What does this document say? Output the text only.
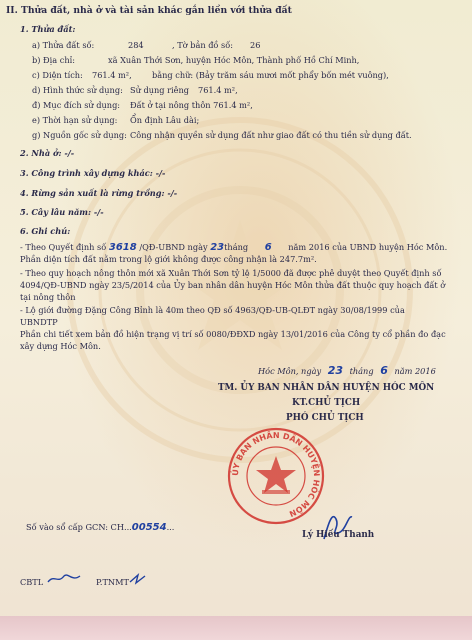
II. Thửa đất, nhà ở và tài sản khác gắn liền với thửa đất
1. Thửa đất:
a) Thửa đất số:	284	, Tờ bản đồ số: 26
b) Địa chỉ:	xã Xuân Thới Sơn, huyện Hóc Môn, Thành phố Hồ Chí Minh,
c) Diện tích: 761.4 m², bằng chữ: (Bảy trăm sáu mươi mốt phẩy bốn mét vuông),
d) Hình thức sử dụng: Sử dụng riêng 761.4 m²,
đ) Mục đích sử dụng: Đất ở tại nông thôn 761.4 m²,
e) Thời hạn sử dụng: Ổn định Lâu dài;
g) Nguồn gốc sử dụng: Công nhận quyền sử dụng đất như giao đất có thu tiền sử dụng đất.
2. Nhà ở: -/-
3. Công trình xây dựng khác: -/-
4. Rừng sản xuất là rừng trồng: -/-
5. Cây lâu năm: -/-
6. Ghi chú:
- Theo Quyết định số 3618 /QĐ-UBND ngày 23tháng 6 năm 2016 của UBND huyện Hóc Môn.
Phần diện tích đất nằm trong lộ giới không được công nhận là 247.7m².
- Theo quy hoạch nông thôn mới xã Xuân Thới Sơn tỷ lệ 1/5000 đã được phê duyệt theo Quyết định số
4094/QĐ-UBND ngày 23/5/2014 của Ủy ban nhân dân huyện Hóc Môn thửa đất thuộc quy hoạch đất ở
tại nông thôn
- Lộ giới đường Đặng Công Bỉnh là 40m theo QĐ số 4963/QĐ-UB-QLĐT ngày 30/08/1999 của
UBNDTP
Phần chi tiết xem bản đồ hiện trạng vị trí số 0080/ĐĐXD ngày 13/01/2016 của Công ty cổ phần đo đạc
xây dựng Hóc Môn.
Hóc Môn, ngày 23 tháng 6 năm 2016
TM. ỦY BAN NHÂN DÂN HUYỆN HÓC MÔN
KT.CHỦ TỊCH
PHÓ CHỦ TỊCH
ỦY BAN NHÂN DÂN HUYỆN HÓC MÔN
Lý Hiếu Thanh
Số vào sổ cấp GCN: CH...00554...
CBTL	P.TNMT
